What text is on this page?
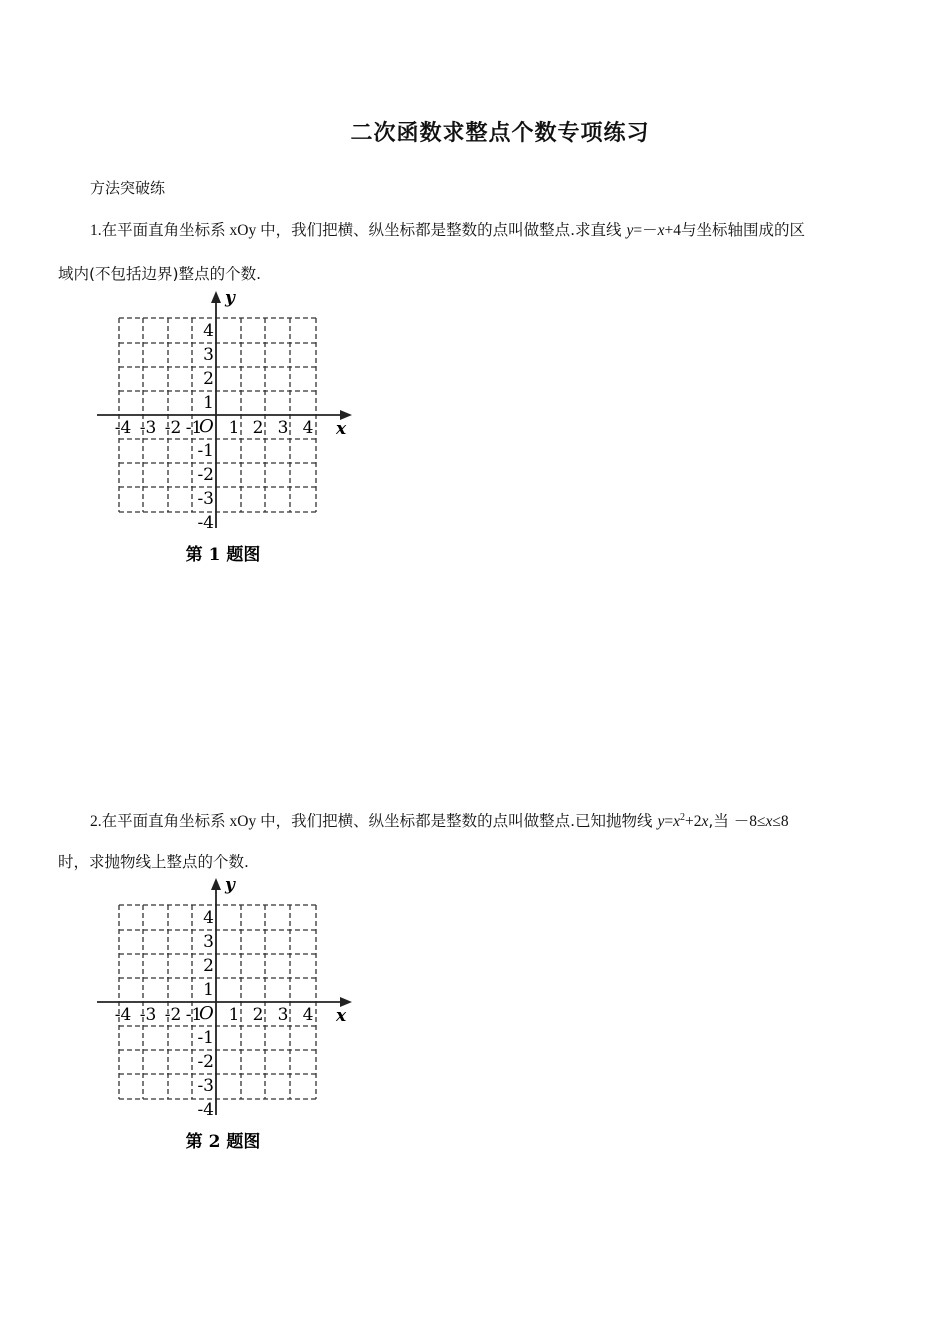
二次函数求整点个数专项练习
方法突破练
1.在平面直角坐标系 xOy 中，我们把横、纵坐标都是整数的点叫做整点.求直线 y=－x+4与坐标轴围成的区
域内(不包括边界)整点的个数.
x
y
O
-4 -3 -2 -1 1 2 3 4
4
3
2
1
-1
-2
-3
-4
第 1 题图
2.在平面直角坐标系 xOy 中，我们把横、纵坐标都是整数的点叫做整点.已知抛物线 $y=x^2+2x$,当 －8≤x≤8
时，求抛物线上整点的个数.
x
y
O
-4 -3 -2 -1 1 2 3 4
4
3
2
1
-1
-2
-3
-4
第 2 题图
